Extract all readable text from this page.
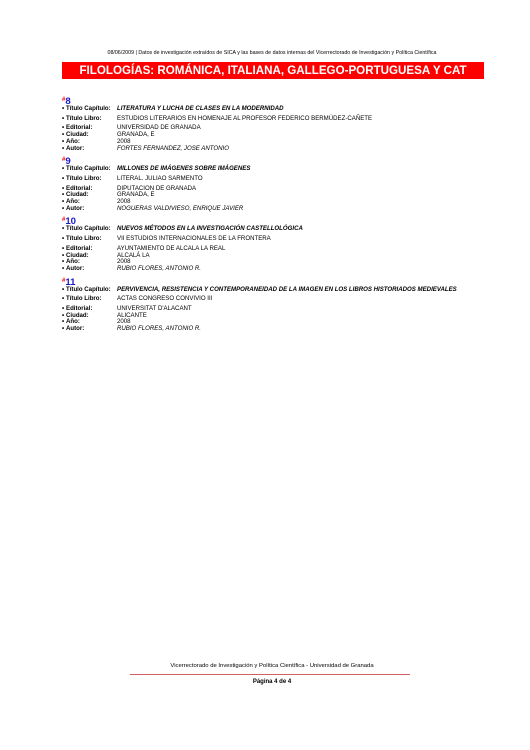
08/06/2009 | Datos de investigación extraídos de SICA y las bases de datos internas del Vicerrectorado de Investigación y Política Científica
FILOLOGÍAS: ROMÁNICA, ITALIANA, GALLEGO-PORTUGUESA Y CAT
#8
• Título Capítulo:	LITERATURA Y LUCHA DE CLASES EN LA MODERNIDAD
• Título Libro:	ESTUDIOS LITERARIOS EN HOMENAJE AL PROFESOR FEDERICO BERMÚDEZ-CAÑETE
• Editorial:	UNIVERSIDAD DE GRANADA
• Ciudad:	GRANADA, E
• Año:	2008
• Autor:	FORTES FERNANDEZ, JOSE ANTONIO
#9
• Título Capítulo:	MILLONES DE IMÁGENES SOBRE IMÁGENES
• Título Libro:	LITERAL. JULIAO SARMENTO
• Editorial:	DIPUTACION DE GRANADA
• Ciudad:	GRANADA, E
• Año:	2008
• Autor:	NOGUERAS VALDIVIESO, ENRIQUE JAVIER
#10
• Título Capítulo:	NUEVOS MÉTODOS EN LA INVESTIGACIÓN CASTELLOLÓGICA
• Título Libro:	VII ESTUDIOS INTERNACIONALES DE LA FRONTERA
• Editorial:	AYUNTAMIENTO DE ALCALA LA REAL
• Ciudad:	ALCALÁ LA
• Año:	2008
• Autor:	RUBIO FLORES, ANTONIO R.
#11
• Título Capítulo:	PERVIVENCIA, RESISTENCIA Y CONTEMPORANEIDAD DE LA IMAGEN EN LOS LIBROS HISTORIADOS MEDIEVALES
• Título Libro:	ACTAS CONGRESO CONVIVIO III
• Editorial:	UNIVERSITAT D'ALACANT
• Ciudad:	ALICANTE
• Año:	2008
• Autor:	RUBIO FLORES, ANTONIO R.
Vicerrectorado de Investigación y Política Científica - Universidad de Granada
Página 4 de 4
